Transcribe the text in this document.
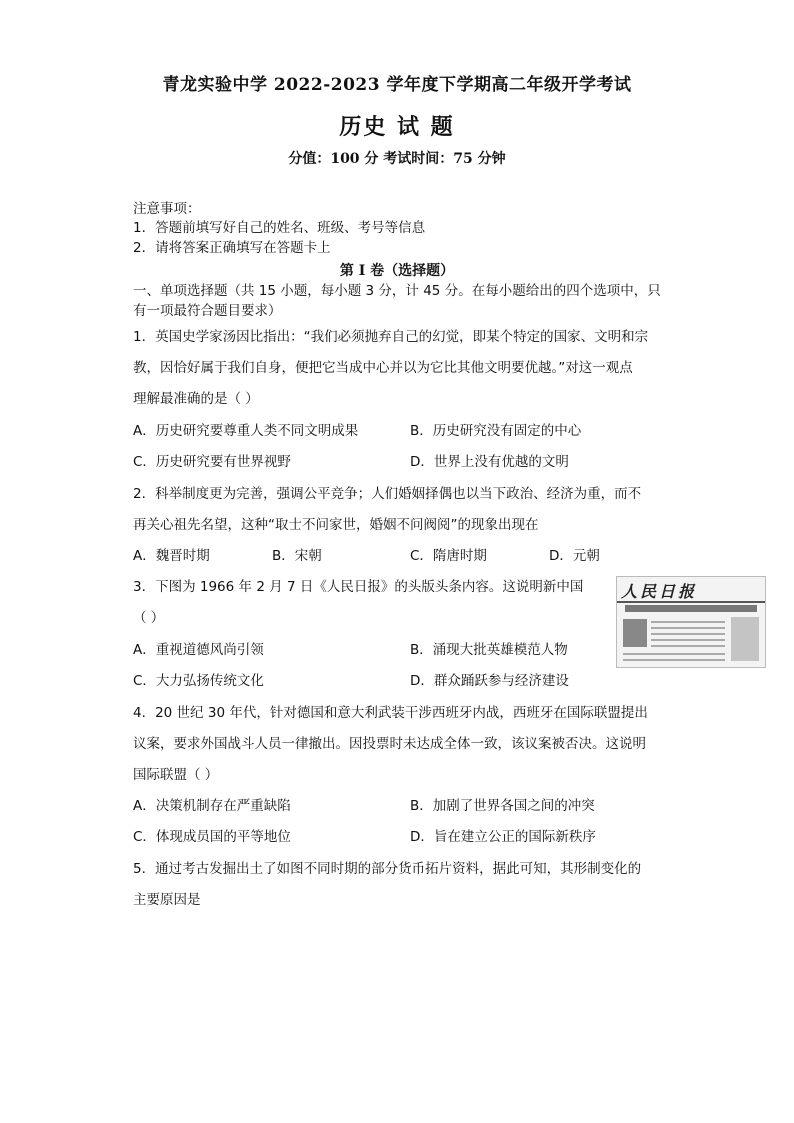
青龙实验中学 2022-2023 学年度下学期高二年级开学考试
历史 试 题
分值：100 分 考试时间：75 分钟
注意事项：
1．答题前填写好自己的姓名、班级、考号等信息
2．请将答案正确填写在答题卡上
第 I 卷（选择题）
一、单项选择题（共 15 小题，每小题 3 分，计 45 分。在每小题给出的四个选项中，只
有一项最符合题目要求）
1．英国史学家汤因比指出：“我们必须抛弃自己的幻觉，即某个特定的国家、文明和宗
教，因恰好属于我们自身，便把它当成中心并以为它比其他文明要优越。”对这一观点
理解最准确的是（ ）
A．历史研究要尊重人类不同文明成果	B．历史研究没有固定的中心
C．历史研究要有世界视野	D．世界上没有优越的文明
2．科举制度更为完善，强调公平竞争；人们婚姻择偶也以当下政治、经济为重，而不
再关心祖先名望，这种“取士不问家世，婚姻不问阀阅”的现象出现在
A．魏晋时期	B．宋朝	C．隋唐时期	D．元朝
3．下图为 1966 年 2 月 7 日《人民日报》的头版头条内容。这说明新中国
（ ）
A．重视道德风尚引领	B．涌现大批英雄模范人物
C．大力弘扬传统文化	D．群众踊跃参与经济建设
人民日报
4．20 世纪 30 年代，针对德国和意大利武装干涉西班牙内战，西班牙在国际联盟提出
议案，要求外国战斗人员一律撤出。因投票时未达成全体一致，该议案被否决。这说明
国际联盟（ ）
A．决策机制存在严重缺陷	B．加剧了世界各国之间的冲突
C．体现成员国的平等地位	D．旨在建立公正的国际新秩序
5．通过考古发掘出土了如图不同时期的部分货币拓片资料，据此可知，其形制变化的
主要原因是
